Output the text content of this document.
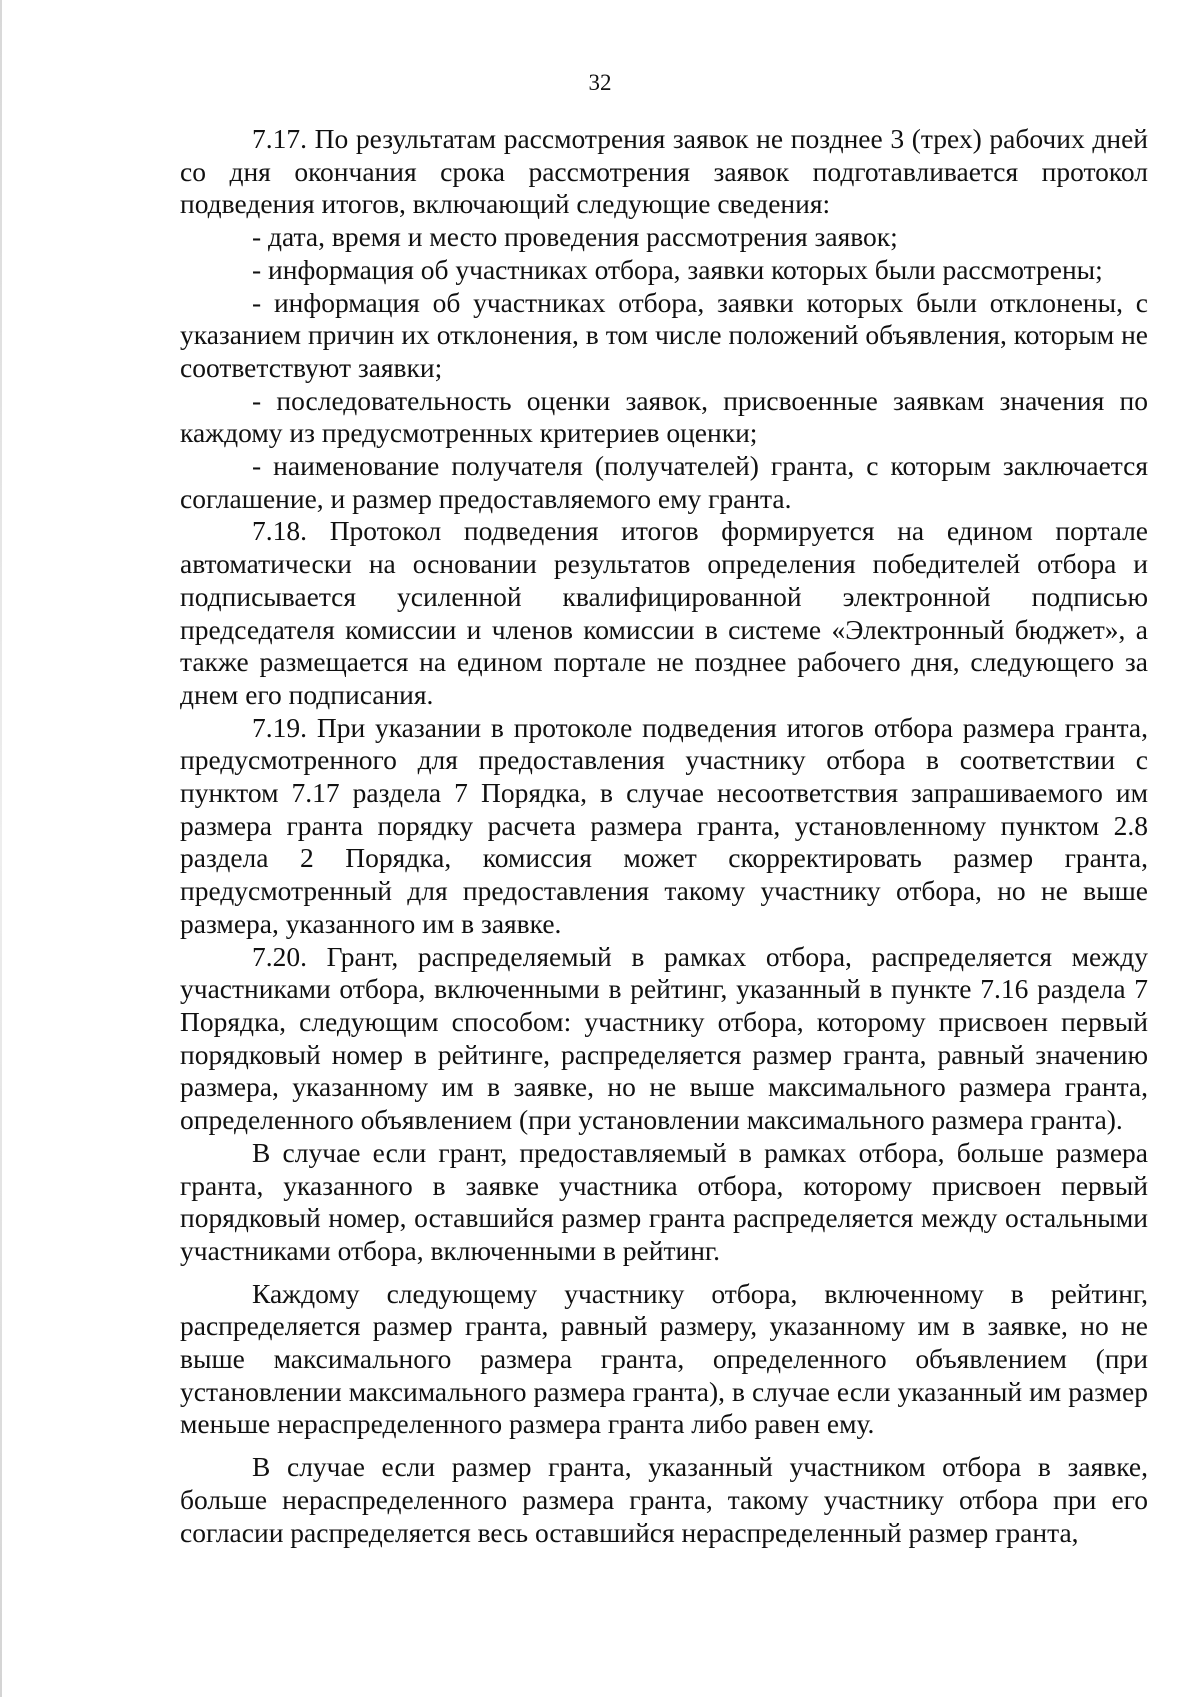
32

7.17. По результатам рассмотрения заявок не позднее 3 (трех) рабочих дней со дня окончания срока рассмотрения заявок подготавливается протокол подведения итогов, включающий следующие сведения:

- дата, время и место проведения рассмотрения заявок;

- информация об участниках отбора, заявки которых были рассмотрены;

- информация об участниках отбора, заявки которых были отклонены, с указанием причин их отклонения, в том числе положений объявления, которым не соответствуют заявки;

- последовательность оценки заявок, присвоенные заявкам значения по каждому из предусмотренных критериев оценки;

- наименование получателя (получателей) гранта, с которым заключается соглашение, и размер предоставляемого ему гранта.

7.18. Протокол подведения итогов формируется на едином портале автоматически на основании результатов определения победителей отбора и подписывается усиленной квалифицированной электронной подписью председателя комиссии и членов комиссии в системе «Электронный бюджет», а также размещается на едином портале не позднее рабочего дня, следующего за днем его подписания.

7.19. При указании в протоколе подведения итогов отбора размера гранта, предусмотренного для предоставления участнику отбора в соответствии с пунктом 7.17 раздела 7 Порядка, в случае несоответствия запрашиваемого им размера гранта порядку расчета размера гранта, установленному пунктом 2.8 раздела 2 Порядка, комиссия может скорректировать размер гранта, предусмотренный для предоставления такому участнику отбора, но не выше размера, указанного им в заявке.

7.20. Грант, распределяемый в рамках отбора, распределяется между участниками отбора, включенными в рейтинг, указанный в пункте 7.16 раздела 7 Порядка, следующим способом: участнику отбора, которому присвоен первый порядковый номер в рейтинге, распределяется размер гранта, равный значению размера, указанному им в заявке, но не выше максимального размера гранта, определенного объявлением (при установлении максимального размера гранта).

В случае если грант, предоставляемый в рамках отбора, больше размера гранта, указанного в заявке участника отбора, которому присвоен первый порядковый номер, оставшийся размер гранта распределяется между остальными участниками отбора, включенными в рейтинг.

Каждому следующему участнику отбора, включенному в рейтинг, распределяется размер гранта, равный размеру, указанному им в заявке, но не выше максимального размера гранта, определенного объявлением (при установлении максимального размера гранта), в случае если указанный им размер меньше нераспределенного размера гранта либо равен ему.

В случае если размер гранта, указанный участником отбора в заявке, больше нераспределенного размера гранта, такому участнику отбора при его согласии распределяется весь оставшийся нераспределенный размер гранта,
